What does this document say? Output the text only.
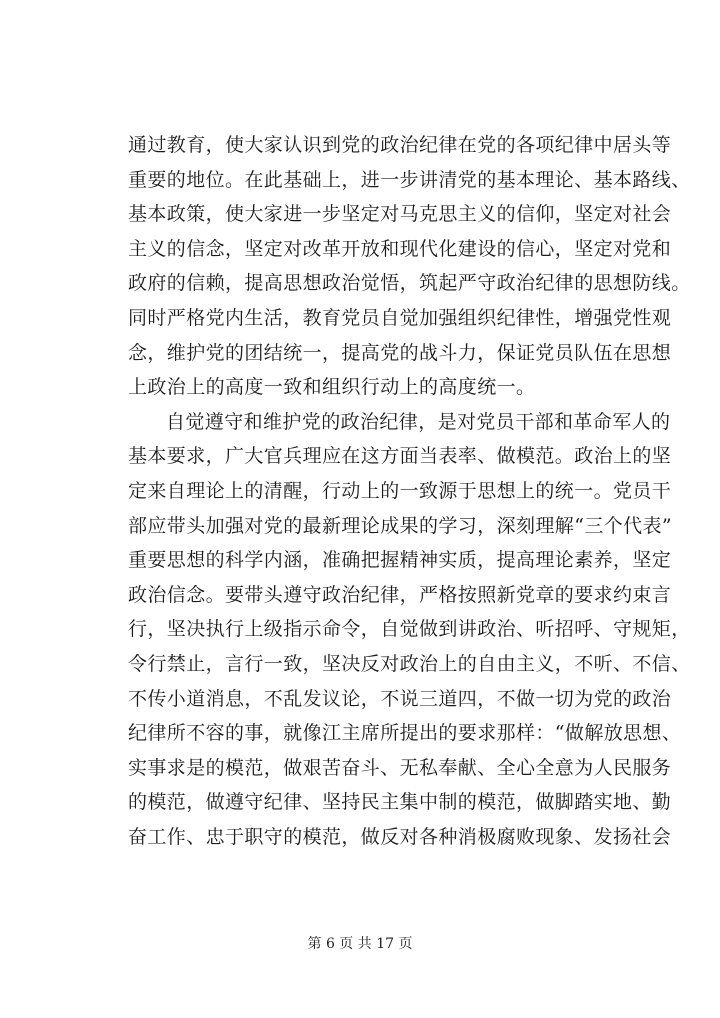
通过教育，使大家认识到党的政治纪律在党的各项纪律中居头等
重要的地位。在此基础上，进一步讲清党的基本理论、基本路线、
基本政策，使大家进一步坚定对马克思主义的信仰，坚定对社会
主义的信念，坚定对改革开放和现代化建设的信心，坚定对党和
政府的信赖，提高思想政治觉悟，筑起严守政治纪律的思想防线。
同时严格党内生活，教育党员自觉加强组织纪律性，增强党性观
念，维护党的团结统一，提高党的战斗力，保证党员队伍在思想
上政治上的高度一致和组织行动上的高度统一。
自觉遵守和维护党的政治纪律，是对党员干部和革命军人的
基本要求，广大官兵理应在这方面当表率、做模范。政治上的坚
定来自理论上的清醒，行动上的一致源于思想上的统一。党员干
部应带头加强对党的最新理论成果的学习，深刻理解“三个代表”
重要思想的科学内涵，准确把握精神实质，提高理论素养，坚定
政治信念。要带头遵守政治纪律，严格按照新党章的要求约束言
行，坚决执行上级指示命令，自觉做到讲政治、听招呼、守规矩，
令行禁止，言行一致，坚决反对政治上的自由主义，不听、不信、
不传小道消息，不乱发议论，不说三道四，不做一切为党的政治
纪律所不容的事，就像江主席所提出的要求那样：“做解放思想、
实事求是的模范，做艰苦奋斗、无私奉献、全心全意为人民服务
的模范，做遵守纪律、坚持民主集中制的模范，做脚踏实地、勤
奋工作、忠于职守的模范，做反对各种消极腐败现象、发扬社会
第 6 页 共 17 页
